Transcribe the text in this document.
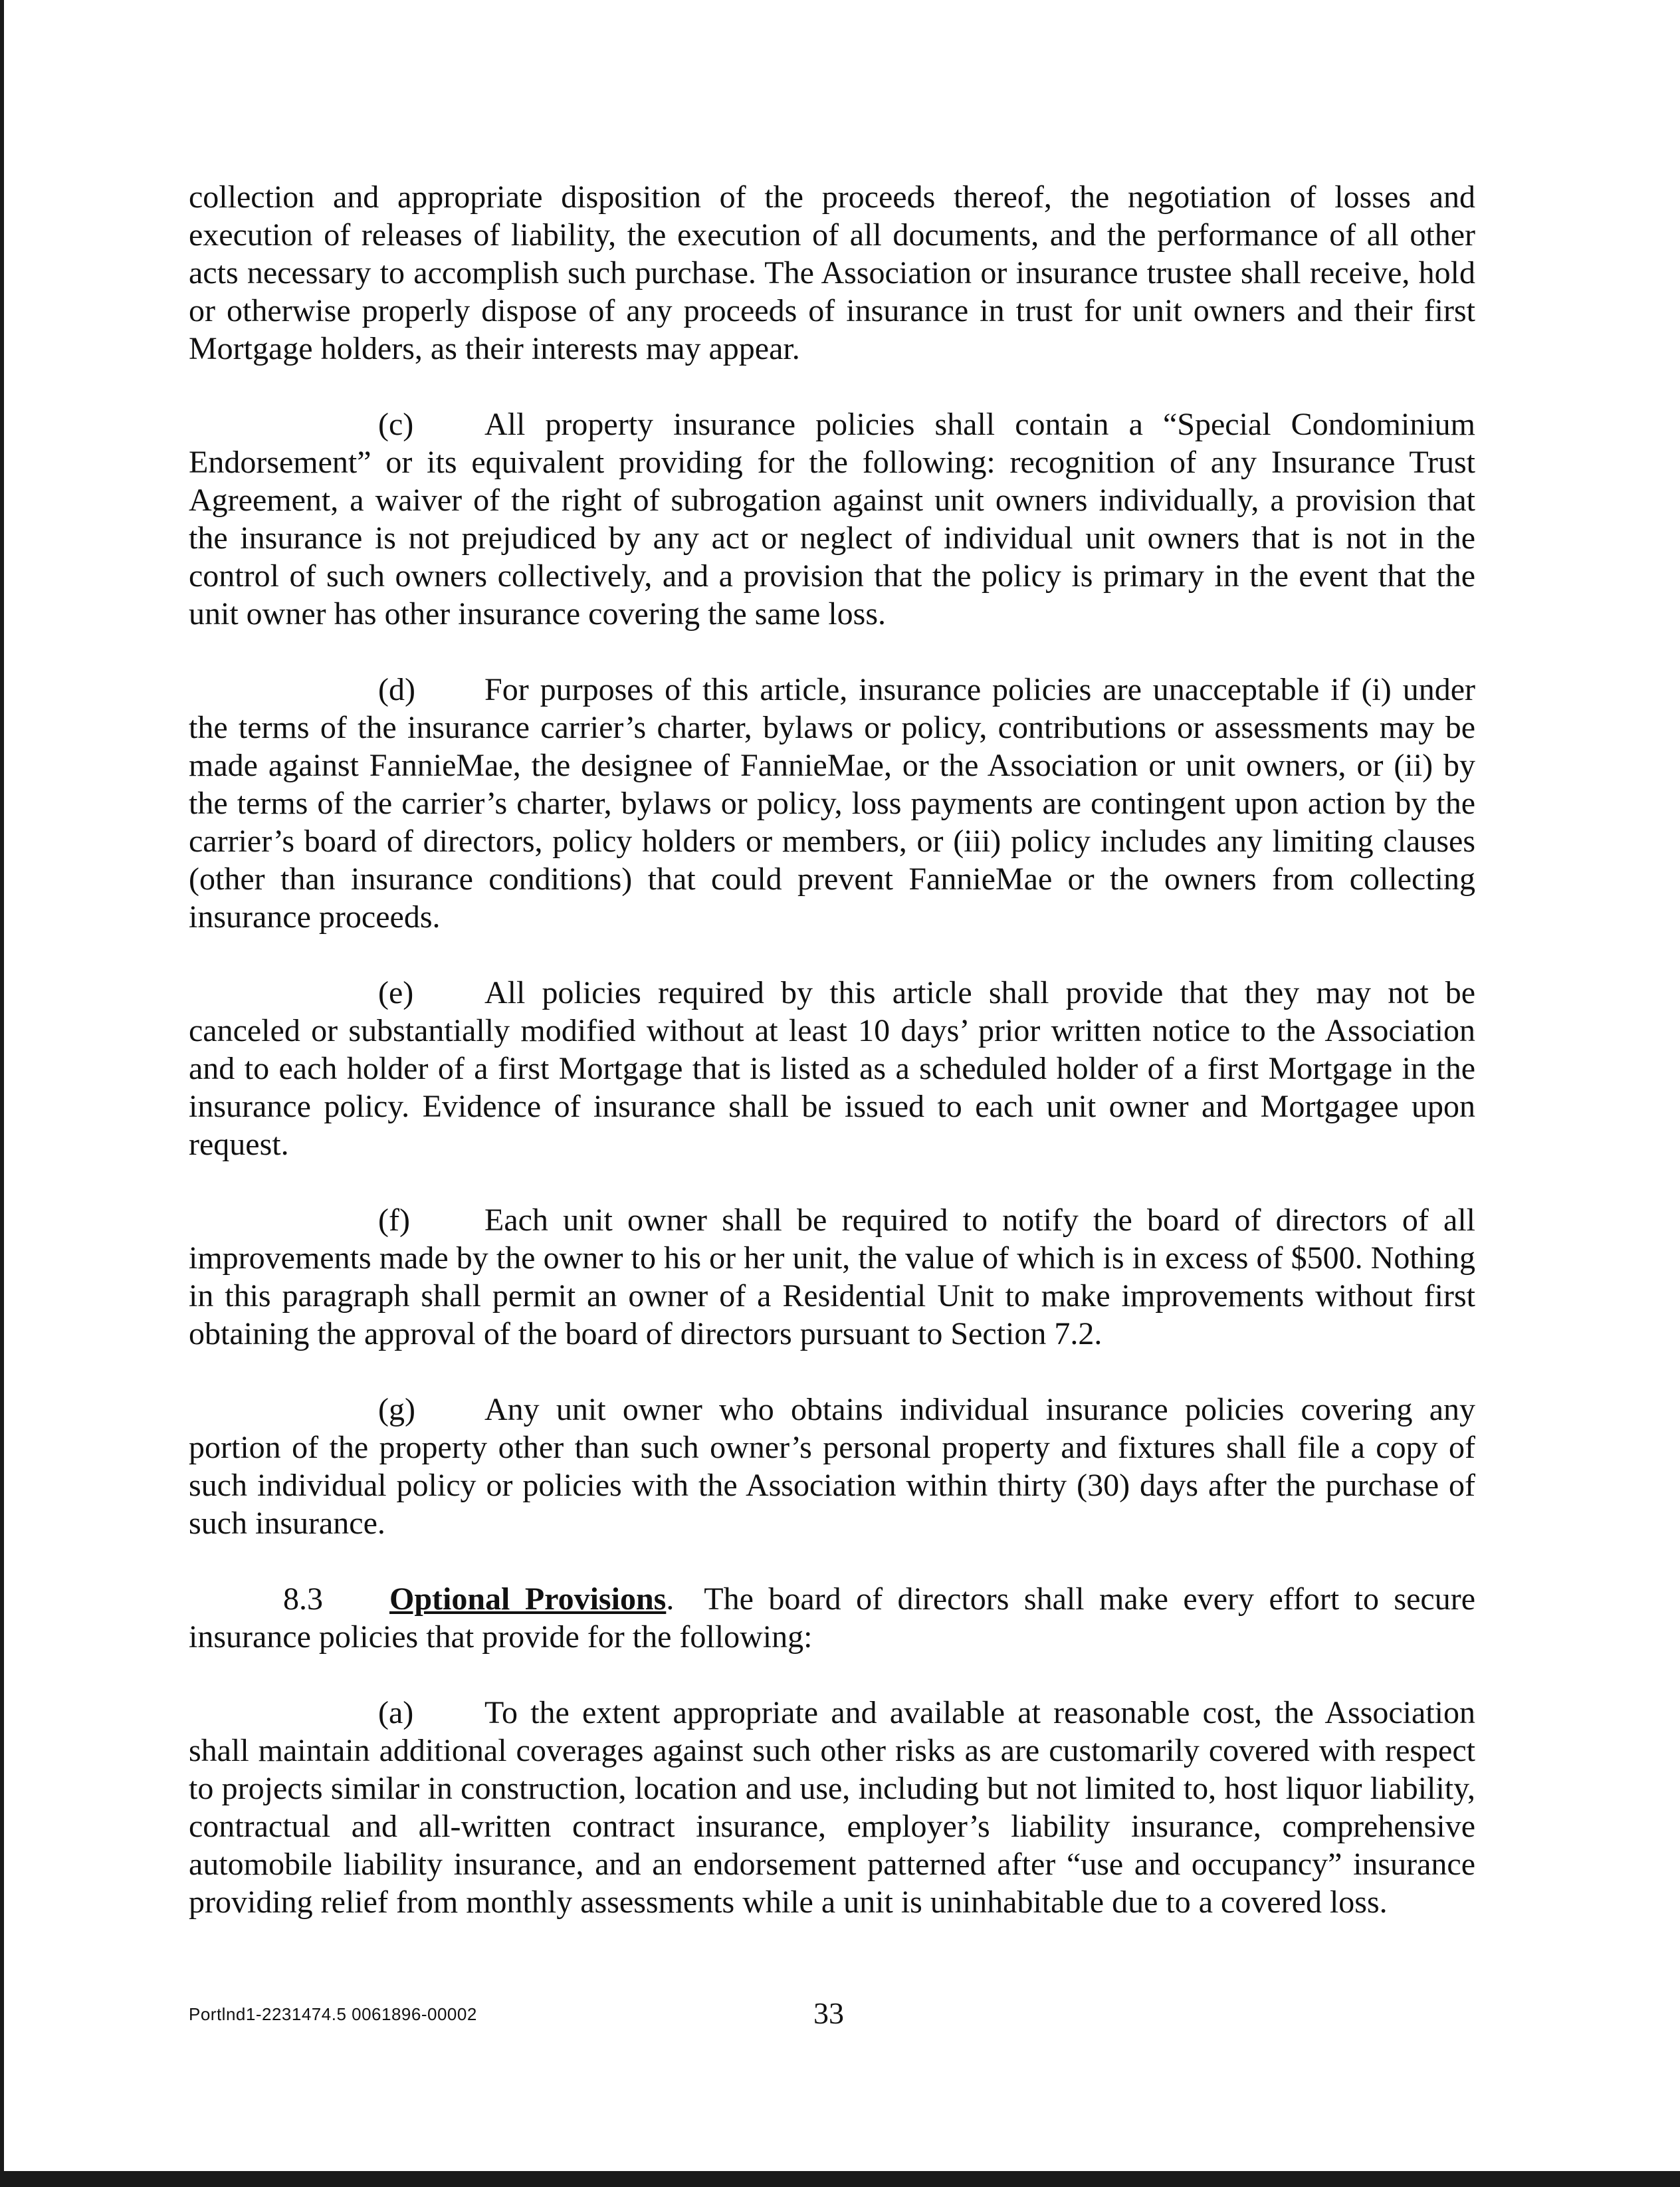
collection and appropriate disposition of the proceeds thereof, the negotiation of losses and execution of releases of liability, the execution of all documents, and the performance of all other acts necessary to accomplish such purchase. The Association or insurance trustee shall receive, hold or otherwise properly dispose of any proceeds of insurance in trust for unit owners and their first Mortgage holders, as their interests may appear.

(c) All property insurance policies shall contain a “Special Condominium Endorsement” or its equivalent providing for the following: recognition of any Insurance Trust Agreement, a waiver of the right of subrogation against unit owners individually, a provision that the insurance is not prejudiced by any act or neglect of individual unit owners that is not in the control of such owners collectively, and a provision that the policy is primary in the event that the unit owner has other insurance covering the same loss.

(d) For purposes of this article, insurance policies are unacceptable if (i) under the terms of the insurance carrier’s charter, bylaws or policy, contributions or assessments may be made against FannieMae, the designee of FannieMae, or the Association or unit owners, or (ii) by the terms of the carrier’s charter, bylaws or policy, loss payments are contingent upon action by the carrier’s board of directors, policy holders or members, or (iii) policy includes any limiting clauses (other than insurance conditions) that could prevent FannieMae or the owners from collecting insurance proceeds.

(e) All policies required by this article shall provide that they may not be canceled or substantially modified without at least 10 days’ prior written notice to the Association and to each holder of a first Mortgage that is listed as a scheduled holder of a first Mortgage in the insurance policy. Evidence of insurance shall be issued to each unit owner and Mortgagee upon request.

(f) Each unit owner shall be required to notify the board of directors of all improvements made by the owner to his or her unit, the value of which is in excess of $500. Nothing in this paragraph shall permit an owner of a Residential Unit to make improvements without first obtaining the approval of the board of directors pursuant to Section 7.2.

(g) Any unit owner who obtains individual insurance policies covering any portion of the property other than such owner’s personal property and fixtures shall file a copy of such individual policy or policies with the Association within thirty (30) days after the purchase of such insurance.

8.3 Optional Provisions. The board of directors shall make every effort to secure insurance policies that provide for the following:

(a) To the extent appropriate and available at reasonable cost, the Association shall maintain additional coverages against such other risks as are customarily covered with respect to projects similar in construction, location and use, including but not limited to, host liquor liability, contractual and all-written contract insurance, employer’s liability insurance, comprehensive automobile liability insurance, and an endorsement patterned after “use and occupancy” insurance providing relief from monthly assessments while a unit is uninhabitable due to a covered loss.

Portlnd1-2231474.5 0061896-00002	33
